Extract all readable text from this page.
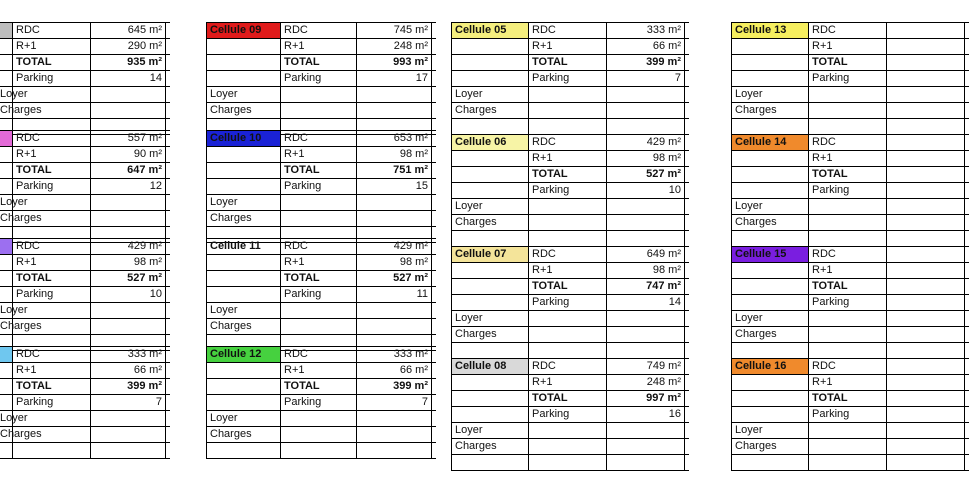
RDC	645 m²
R+1	290 m²
TOTAL	935 m²
Parking	14
Loyer
Charges
RDC	557 m²
R+1	90 m²
TOTAL	647 m²
Parking	12
Loyer
Charges
RDC	429 m²
R+1	98 m²
TOTAL	527 m²
Parking	10
Loyer
Charges
RDC	333 m²
R+1	66 m²
TOTAL	399 m²
Parking	7
Loyer
Charges
Cellule 09	RDC	745 m²
R+1	248 m²
TOTAL	993 m²
Parking	17
Loyer
Charges
Cellule 10	RDC	653 m²
R+1	98 m²
TOTAL	751 m²
Parking	15
Loyer
Charges
Cellule 11	RDC	429 m²
R+1	98 m²
TOTAL	527 m²
Parking	11
Loyer
Charges
Cellule 12	RDC	333 m²
R+1	66 m²
TOTAL	399 m²
Parking	7
Loyer
Charges
Cellule 05	RDC	333 m²
R+1	66 m²
TOTAL	399 m²
Parking	7
Loyer
Charges
Cellule 06	RDC	429 m²
R+1	98 m²
TOTAL	527 m²
Parking	10
Loyer
Charges
Cellule 07	RDC	649 m²
R+1	98 m²
TOTAL	747 m²
Parking	14
Loyer
Charges
Cellule 08	RDC	749 m²
R+1	248 m²
TOTAL	997 m²
Parking	16
Loyer
Charges
Cellule 13	RDC
R+1
TOTAL
Parking
Loyer
Charges
Cellule 14	RDC
R+1
TOTAL
Parking
Loyer
Charges
Cellule 15	RDC
R+1
TOTAL
Parking
Loyer
Charges
Cellule 16	RDC
R+1
TOTAL
Parking
Loyer
Charges
